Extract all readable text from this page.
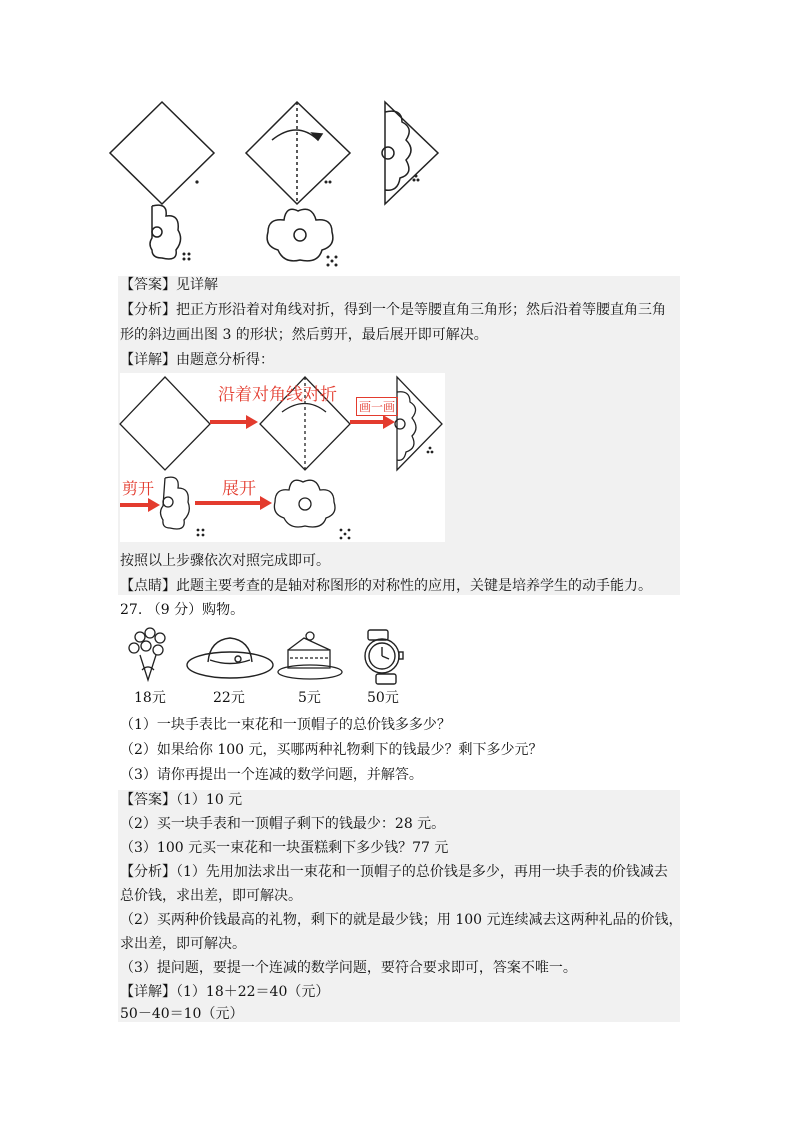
【答案】见详解
【分析】把正方形沿着对角线对折，得到一个是等腰直角三角形；然后沿着等腰直角三角
形的斜边画出图 3 的形状；然后剪开，最后展开即可解决。
【详解】由题意分析得：
沿着对角线对折
画一画
剪开	展开
按照以上步骤依次对照完成即可。
【点睛】此题主要考查的是轴对称图形的对称性的应用，关键是培养学生的动手能力。
27. （9 分）购物。
18元	22元	5元	50元
（1）一块手表比一束花和一顶帽子的总价钱多多少？
（2）如果给你 100 元，买哪两种礼物剩下的钱最少？剩下多少元？
（3）请你再提出一个连减的数学问题，并解答。
【答案】（1）10 元
（2）买一块手表和一顶帽子剩下的钱最少：28 元。
（3）100 元买一束花和一块蛋糕剩下多少钱？77 元
【分析】（1）先用加法求出一束花和一顶帽子的总价钱是多少，再用一块手表的价钱减去
总价钱，求出差，即可解决。
（2）买两种价钱最高的礼物，剩下的就是最少钱；用 100 元连续减去这两种礼品的价钱，
求出差，即可解决。
（3）提问题，要提一个连减的数学问题，要符合要求即可，答案不唯一。
【详解】（1）18＋22＝40（元）
50－40＝10（元）
